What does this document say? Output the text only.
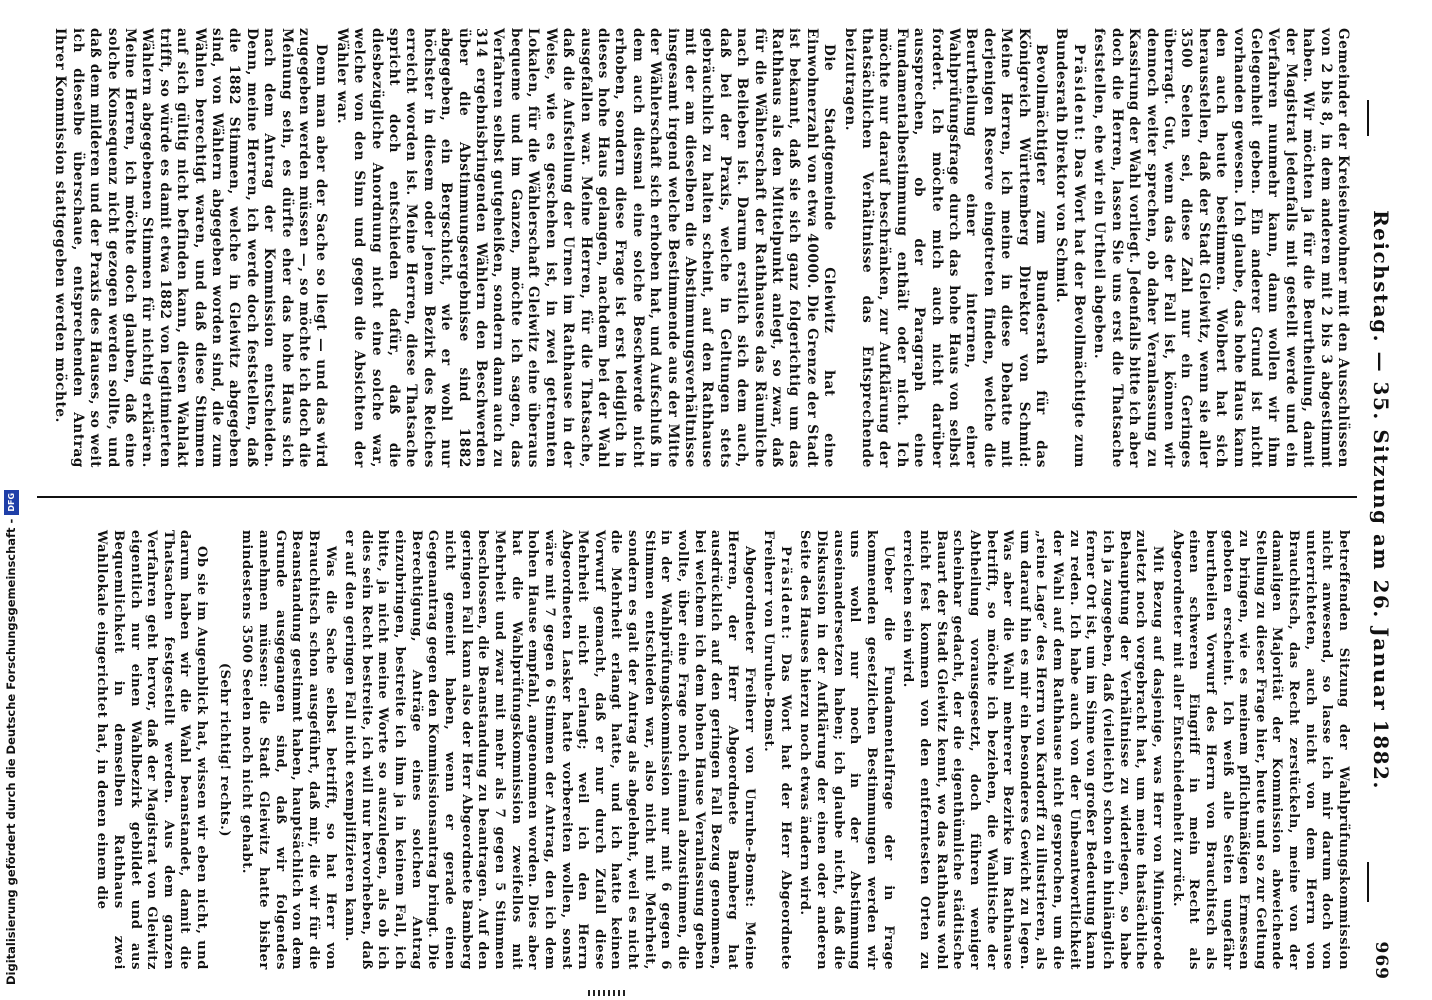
Reichstag. — 35. Sitzung am 26. Januar 1882.
969

Gemeinder der Kreiseinwohner mit den Ausschlüssen von 2 bis 8, in dem anderen mit 2 bis 3 abgestimmt haben. Wir möchten ja für die Beurtheilung, damit der Magistrat jedenfalls mit gestellt werde und ein Verfahren nunmehr kann, dann wollen wir ihm Gelegenheit geben. Ein anderer Grund ist nicht vorhanden gewesen. Ich glaube, das hohe Haus kann den auch heute bestimmen. Wolbert hat sich herausstellen, daß der Stadt Gleiwitz, wenn sie aller 3500 Seelen sei, diese Zahl nur ein Geringes überragt. Gut, wenn das der Fall ist, können wir dennoch weiter sprechen, ob daher Veranlassung zu Kassirung der Wahl vorliegt. Jedenfalls bitte ich aber doch die Herren, lassen Sie uns erst die Thatsache feststellen, ehe wir ein Urtheil abgeben.

Präsident: Das Wort hat der Bevollmächtigte zum Bundesrath Direktor von Schmid.

Bevollmächtigter zum Bundesrath für das Königreich Württemberg Direktor von Schmid: Meine Herren, ich meine in diese Debatte mit derjenigen Reserve eingetreten finden, welche die Beurtheilung einer internen, einer Wahlprüfungsfrage durch das hohe Haus von selbst fordert. Ich möchte mich auch nicht darüber aussprechen, ob der Paragraph eine Fundamentalbestimmung enthält oder nicht. Ich möchte nur darauf beschränken, zur Aufklärung der thatsächlichen Verhältnisse das Entsprechende beizutragen.

Die Stadtgemeinde Gleiwitz hat eine Einwohnerzahl von etwa 40000. Die Grenze der Stadt ist bekannt, daß sie sich ganz folgerichtig um das Rathhaus als den Mittelpunkt anlegt, so zwar, daß für die Wählerschaft der Rathhauses das Räumliche nach Belieben ist. Darum erstlich sich dem auch, daß bei der Praxis, welche in Geltungen stets gebräuchlich zu halten scheint, auf den Rathhause mit der am dieselben die Abstimmungsverhältnisse insgesamt irgend welche Bestimmende aus der Mitte der Wählerschaft sich erhoben hat, und Aufschluß in dem auch diesmal eine solche Beschwerde nicht erhoben, sondern diese Frage ist erst lediglich in dieses hohe Haus gelangen, nachdem bei der Wahl ausgefallen war. Meine Herren, für die Thatsache, daß die Aufstellung der Urnen im Rathhause in der Weise, wie es geschehen ist, in zwei getrennten Lokalen, für die Wählerschaft Gleiwitz eine überaus bequeme und im Ganzen, möchte ich sagen, das Verfahren selbst gutgeheißen, sondern dann auch zu 314 ergebnisbringenden Wählern den Beschwerden über die Abstimmungsergebnisse sind 1882 abgegeben, ein Bergschicht, wie er wohl nur höchster in diesem oder jenem Bezirk des Reiches erreicht worden ist. Meine Herren, diese Thatsache spricht doch entschieden dafür, daß die diesbezügliche Anordnung nicht eine solche war, welche von den Sinn und gegen die Absichten der Wähler war.

Denn man aber der Sache so liegt — und das wird zugegeben werden müssen —, so möchte ich doch die Meinung sein, es dürfte eher das hohe Haus sich nach dem Antrag der Kommission entscheiden. Denn, meine Herren, ich werde doch feststellen, daß die 1882 Stimmen, welche in Gleiwitz abgegeben sind, von Wählern abgegeben worden sind, die zum Wählen berechtigt waren, und daß diese Stimmen auf sich gültig nicht befinden kann, diesen Wahlakt trifft, so würde es damit etwa 1882 von legitimierten Wählern abgegebenen Stimmen für nichtig erklären. Meine Herren, ich möchte doch glauben, daß eine solche Konsequenz nicht gezogen werden sollte, und daß dem milderen und der Praxis des Hauses, so weit ich dieselbe überschaue, entsprechenden Antrag Ihrer Kommission stattgegeben werden möchte.

betreffenden Sitzung der Wahlprüfungskommission nicht anwesend, so lasse ich mir darum doch von unterrichteten, auch nicht von dem Herrn von Brauchitsch, das Recht zerstückeln, meine von der damaligen Majorität der Kommission abweichende Stellung zu dieser Frage hier, heute und so zur Geltung zu bringen, wie es meinem pflichtmäßigen Ermessen geboten erscheint. Ich weiß alle Seiten ungefähr beurtheilen Vorwurf des Herrn von Brauchitsch als einen schweren Eingriff in mein Recht als Abgeordneter mit aller Entschiedenheit zurück.

Mit Bezug auf dasjenige, was Herr von Minnigerode zuletzt noch vorgebracht hat, um meine thatsächliche Behauptung der Verhältnisse zu widerlegen, so habe ich ja zugegeben, daß (vielleicht) schon ein hinlänglich ferner Ort ist, um im Sinne von großer Bedeutung kann zu reden. Ich habe auch von der Unbeantwortlichkeit der Wahl auf dem Rathhause nicht gesprochen, um die „reine Lage“ des Herrn von Kardorff zu illustrieren, als um darauf hin es mir ein besonderes Gewicht zu legen. Was aber die Wahl mehrerer Bezirke im Rathhause betrifft, so möchte ich beziehen, die Wahltische der Abtheilung vorausgesetzt, doch führen weniger scheinbar gedacht, der die eigenthümliche städtische Bauart der Stadt Gleiwitz kennt, wo das Rathhaus wohl nicht fest kommen von den entferntesten Orten zu erreichen sein wird.

Ueber die Fundamentalfrage der in Frage kommenden gesetzlichen Bestimmungen werden wir uns wohl nur noch in der Abstimmung auseinandersetzen haben; ich glaube nicht, daß die Diskussion in der Aufklärung der einen oder anderen Seite des Hauses hierzu noch etwas ändern wird.

Präsident: Das Wort hat der Herr Abgeordnete Freiherr von Unruhe-Bomst.

Abgeordneter Freiherr von Unruhe-Bomst: Meine Herren, der Herr Abgeordnete Bamberg hat ausdrücklich auf den geringen Fall Bezug genommen, bei welchem ich dem hohen Hause Veranlassung geben wollte, über eine Frage noch einmal abzustimmen, die in der Wahlprüfungskommission nur mit 6 gegen 6 Stimmen entschieden war, also nicht mit Mehrheit, sondern es galt der Antrag als abgelehnt, weil es nicht die Mehrheit erlangt hatte, und ich hatte keinen Vorwurf gemacht, daß er nur durch Zufall diese Mehrheit nicht erlangt; weil ich den Herrn Abgeordneten Lasker hatte vorbereiten wollen, sonst wäre mit 7 gegen 6 Stimmen der Antrag, den ich dem hohen Hause empfahl, angenommen worden. Dies aber hat die Wahlprüfungskommission zweifellos mit Mehrheit und zwar mit mehr als 7 gegen 5 Stimmen beschlossen, die Beanstandung zu beantragen. Auf den geringen Fall kann also der Herr Abgeordnete Bamberg nicht gemeint haben, wenn er gerade einen Gegenantrag gegen den Kommissionsantrag bringt. Die Berechtigung, Anträge eines solchen Antrag einzubringen, bestreite ich ihm ja in keinem Fall, ich bitte, ja nicht meine Worte so auszulegen, als ob ich dies sein Recht bestreite, ich will nur hervorheben, daß er auf den geringen Fall nicht exemplifizieren kann.

Was die Sache selbst betrifft, so hat Herr von Brauchitsch schon ausgeführt, daß mir, die wir für die Beanstandung gestimmt haben, hauptsächlich von dem Grunde ausgegangen sind, daß wir folgendes annehmen müssen: die Stadt Gleiwitz hatte bisher mindestens 3500 Seelen noch nicht gehabt.

(Sehr richtig! rechts.)

Ob sie im Augenblick hat, wissen wir eben nicht, und darum haben wir die Wahl beanstandet, damit die Thatsachen festgestellt werden. Aus dem ganzen Verfahren geht hervor, daß der Magistrat von Gleiwitz eigentlich nur einen Wahlbezirk gebildet und aus Bequemlichkeit in demselben Rathhaus zwei Wahllokale eingerichtet hat, in denen einem die

Digitalisierung gefördert durch die Deutsche Forschungsgemeinschaft -DFG
